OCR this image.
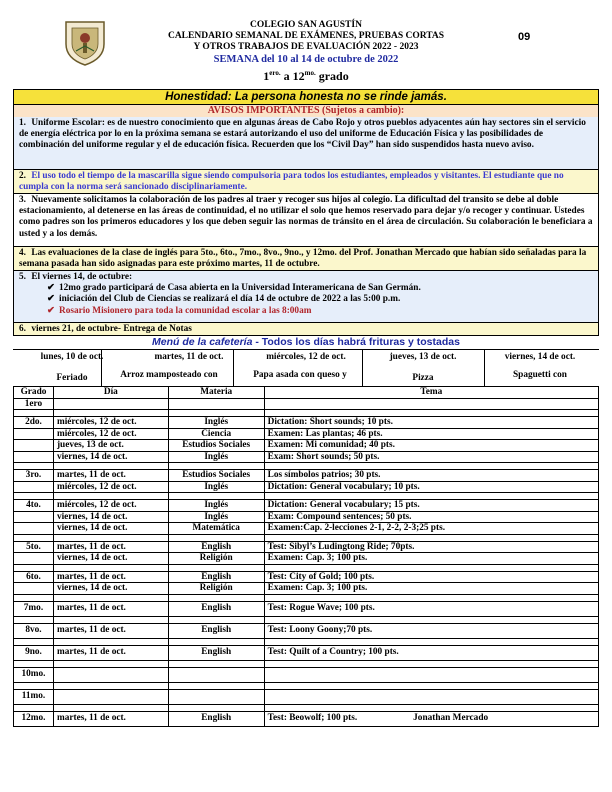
COLEGIO SAN AGUSTÍN
CALENDARIO SEMANAL DE EXÁMENES, PRUEBAS CORTAS
Y OTROS TRABAJOS DE EVALUACIÓN 2022 - 2023
SEMANA del 10 al 14 de octubre de 2022
$1^{ero.}$ a $12^{mo.}$ grado
09
Honestidad: La persona honesta no se rinde jamás.
AVISOS IMPORTANTES (Sujetos a cambio):
1. Uniforme Escolar: es de nuestro conocimiento que en algunas áreas de Cabo Rojo y otros pueblos adyacentes aún hay sectores sin el servicio de energía eléctrica por lo en la próxima semana se estará autorizando el uso del uniforme de Educación Física y las posibilidades de combinación del uniforme regular y el de educación física. Recuerden que los “Civil Day” han sido suspendidos hasta nuevo aviso.
2. El uso todo el tiempo de la mascarilla sigue siendo compulsoria para todos los estudiantes, empleados y visitantes. El estudiante que no cumpla con la norma será sancionado disciplinariamente.
3. Nuevamente solicitamos la colaboración de los padres al traer y recoger sus hijos al colegio. La dificultad del transito se debe al doble estacionamiento, al detenerse en las áreas de continuidad, el no utilizar el solo que hemos reservado para dejar y/o recoger y continuar. Ustedes como padres son los primeros educadores y los que deben seguir las normas de tránsito en el área de circulación. Su colaboración le beneficiara a usted y a los demás.
4. Las evaluaciones de la clase de inglés para 5to., 6to., 7mo., 8vo., 9no., y 12mo. del Prof. Jonathan Mercado que habían sido señaladas para la semana pasada han sido asignadas para este próximo martes, 11 de octubre.
5. El viernes 14, de octubre:
✔ 12mo grado participará de Casa abierta en la Universidad Interamericana de San Germán.
✔ iniciación del Club de Ciencias se realizará el día 14 de octubre de 2022 a las 5:00 p.m.
✔ Rosario Misionero para toda la comunidad escolar a las 8:00am
6. viernes 21, de octubre- Entrega de Notas
Menú de la cafetería - Todos los días habrá frituras y tostadas
lunes, 10 de oct.	martes, 11 de oct.	miércoles, 12 de oct.	jueves, 13 de oct.	viernes, 14 de oct.
Feriado	Arroz mamposteado con	Papa asada con queso y	Pizza	Spaguetti con
Grado	Día	Materia	Tema
1ero			

2do.	miércoles, 12 de oct.	Inglés	Dictation: Short sounds; 10 pts.
	miércoles, 12 de oct.	Ciencia	Examen: Las plantas; 46 pts.
	jueves, 13 de oct.	Estudios Sociales	Examen: Mi comunidad; 40 pts.
	viernes, 14 de oct.	Inglés	Exam: Short sounds; 50 pts.

3ro.	martes, 11 de oct.	Estudios Sociales	Los símbolos patrios; 30 pts.
	miércoles, 12 de oct.	Inglés	Dictation: General vocabulary; 10 pts.

4to.	miércoles, 12 de oct.	Inglés	Dictation: General vocabulary; 15 pts.
	viernes, 14 de oct.	Inglés	Exam: Compound sentences; 50 pts.
	viernes, 14 de oct.	Matemática	Examen:Cap. 2-lecciones 2-1, 2-2, 2-3;25 pts.

5to.	martes, 11 de oct.	English	Test: Sibyl’s Ludingtong Ride; 70pts.
	viernes, 14 de oct.	Religión	Examen: Cap. 3; 100 pts.

6to.	martes, 11 de oct.	English	Test: City of Gold; 100 pts.
	viernes, 14 de oct.	Religión	Examen: Cap. 3; 100 pts.

7mo.	martes, 11 de oct.	English	Test: Rogue Wave; 100 pts.

8vo.	martes, 11 de oct.	English	Test: Loony Goony;70 pts.

9no.	martes, 11 de oct.	English	Test: Quilt of a Country; 100 pts.

10mo.			

11mo.			

12mo.	martes, 11 de oct.	English	Test: Beowolf; 100 pts. Jonathan Mercado
